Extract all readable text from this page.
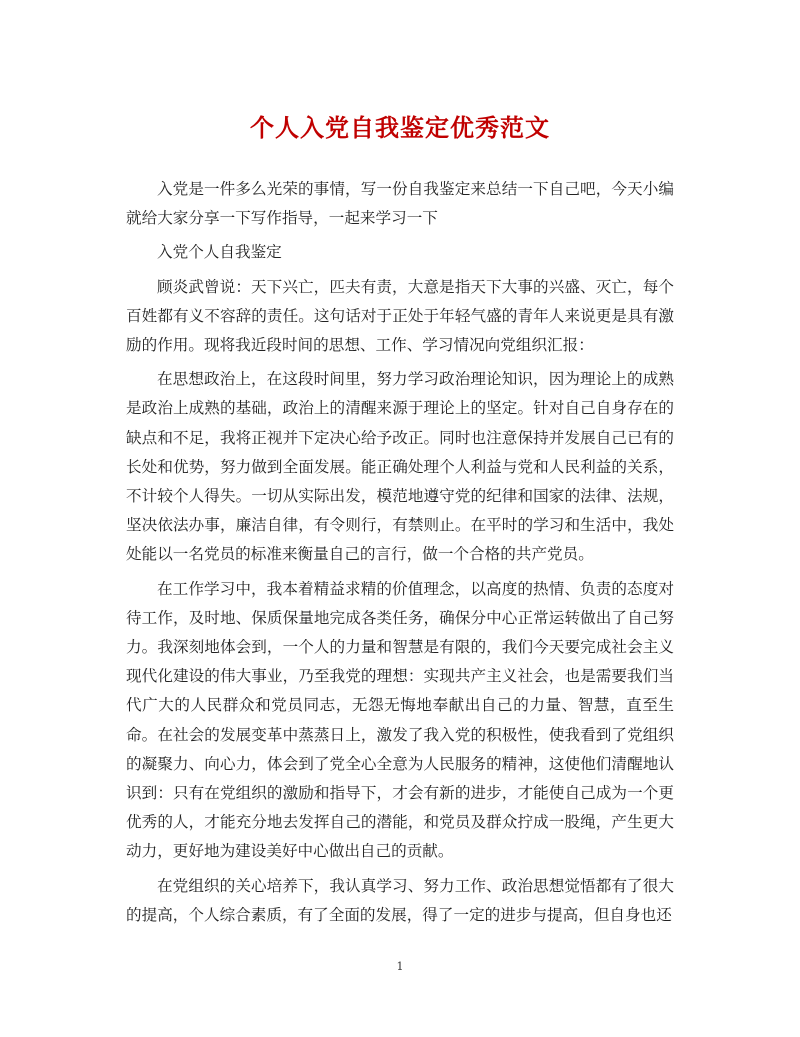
个人入党自我鉴定优秀范文

入党是一件多么光荣的事情，写一份自我鉴定来总结一下自己吧，今天小编就给大家分享一下写作指导，一起来学习一下

入党个人自我鉴定

顾炎武曾说：天下兴亡，匹夫有责，大意是指天下大事的兴盛、灭亡，每个百姓都有义不容辞的责任。这句话对于正处于年轻气盛的青年人来说更是具有激励的作用。现将我近段时间的思想、工作、学习情况向党组织汇报：

在思想政治上，在这段时间里，努力学习政治理论知识，因为理论上的成熟是政治上成熟的基础，政治上的清醒来源于理论上的坚定。针对自己自身存在的缺点和不足，我将正视并下定决心给予改正。同时也注意保持并发展自己已有的长处和优势，努力做到全面发展。能正确处理个人利益与党和人民利益的关系，不计较个人得失。一切从实际出发，模范地遵守党的纪律和国家的法律、法规，坚决依法办事，廉洁自律，有令则行，有禁则止。在平时的学习和生活中，我处处能以一名党员的标准来衡量自己的言行，做一个合格的共产党员。

在工作学习中，我本着精益求精的价值理念，以高度的热情、负责的态度对待工作，及时地、保质保量地完成各类任务，确保分中心正常运转做出了自己努力。我深刻地体会到，一个人的力量和智慧是有限的，我们今天要完成社会主义现代化建设的伟大事业，乃至我党的理想：实现共产主义社会，也是需要我们当代广大的人民群众和党员同志，无怨无悔地奉献出自己的力量、智慧，直至生命。在社会的发展变革中蒸蒸日上，激发了我入党的积极性，使我看到了党组织的凝聚力、向心力，体会到了党全心全意为人民服务的精神，这使他们清醒地认识到：只有在党组织的激励和指导下，才会有新的进步，才能使自己成为一个更优秀的人，才能充分地去发挥自己的潜能，和党员及群众拧成一股绳，产生更大动力，更好地为建设美好中心做出自己的贡献。

在党组织的关心培养下，我认真学习、努力工作、政治思想觉悟都有了很大的提高，个人综合素质，有了全面的发展，得了一定的进步与提高，但自身也还

1
